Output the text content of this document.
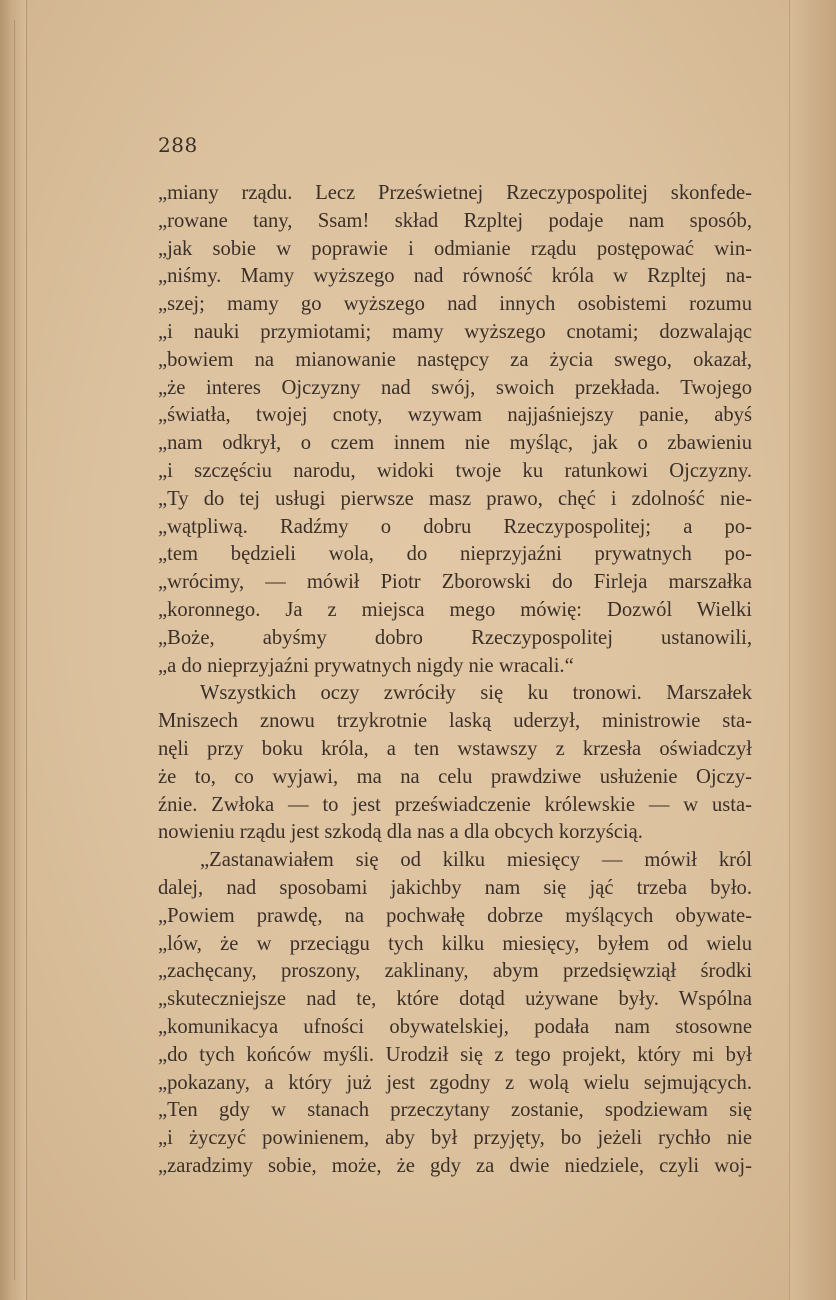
288
„miany rządu. Lecz Prześwietnej Rzeczypospolitej skonfede-
„rowane tany, Ssam! skład Rzpltej podaje nam sposób,
„jak sobie w poprawie i odmianie rządu postępować win-
„niśmy. Mamy wyższego nad równość króla w Rzpltej na-
„szej; mamy go wyższego nad innych osobistemi rozumu
„i nauki przymiotami; mamy wyższego cnotami; dozwalając
„bowiem na mianowanie następcy za życia swego, okazał,
„że interes Ojczyzny nad swój, swoich przekłada. Twojego
„światła, twojej cnoty, wzywam najjaśniejszy panie, abyś
„nam odkrył, o czem innem nie myśląc, jak o zbawieniu
„i szczęściu narodu, widoki twoje ku ratunkowi Ojczyzny.
„Ty do tej usługi pierwsze masz prawo, chęć i zdolność nie-
„wątpliwą. Radźmy o dobru Rzeczypospolitej; a po-
„tem będzieli wola, do nieprzyjaźni prywatnych po-
„wrócimy, — mówił Piotr Zborowski do Firleja marszałka
„koronnego. Ja z miejsca mego mówię: Dozwól Wielki
„Boże, abyśmy dobro Rzeczypospolitej ustanowili,
„a do nieprzyjaźni prywatnych nigdy nie wracali.“
Wszystkich oczy zwróciły się ku tronowi. Marszałek
Mniszech znowu trzykrotnie laską uderzył, ministrowie sta-
nęli przy boku króla, a ten wstawszy z krzesła oświadczył
że to, co wyjawi, ma na celu prawdziwe usłużenie Ojczy-
źnie. Zwłoka — to jest przeświadczenie królewskie — w usta-
nowieniu rządu jest szkodą dla nas a dla obcych korzyścią.
„Zastanawiałem się od kilku miesięcy — mówił król
dalej, nad sposobami jakichby nam się jąć trzeba było.
„Powiem prawdę, na pochwałę dobrze myślących obywate-
„lów, że w przeciągu tych kilku miesięcy, byłem od wielu
„zachęcany, proszony, zaklinany, abym przedsięwziął środki
„skuteczniejsze nad te, które dotąd używane były. Wspólna
„komunikacya ufności obywatelskiej, podała nam stosowne
„do tych końców myśli. Urodził się z tego projekt, który mi był
„pokazany, a który już jest zgodny z wolą wielu sejmujących.
„Ten gdy w stanach przeczytany zostanie, spodziewam się
„i życzyć powinienem, aby był przyjęty, bo jeżeli rychło nie
„zaradzimy sobie, może, że gdy za dwie niedziele, czyli woj-
